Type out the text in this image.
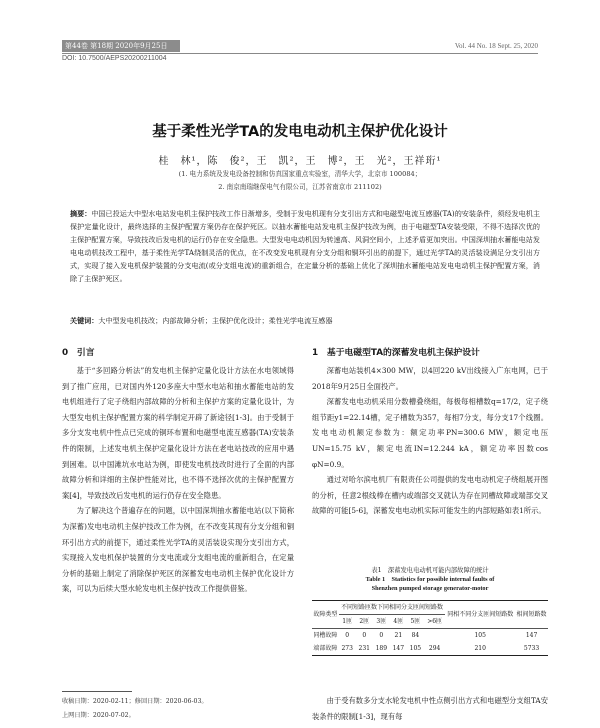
第44卷 第18期 2020年9月25日	Vol. 44 No. 18 Sept. 25, 2020
DOI: 10.7500/AEPS20200211004
基于柔性光学TA的发电电动机主保护优化设计
桂　林¹，陈　俊²，王　凯²，王　博²，王　光²，王祥珩¹
(1. 电力系统及发电设备控制和仿真国家重点实验室，清华大学，北京市 100084；
2. 南京南瑞继保电气有限公司，江苏省南京市 211102)
摘要：中国已投运大中型水电站发电机主保护技改工作日渐增多，受制于发电机现有分支引出方式和电磁型电流互感器(TA)的安装条件，须经发电机主保护定量化设计，最终选择的主保护配置方案仍存在保护死区。以抽水蓄能电站发电机主保护技改为例，由于电磁型TA安装受限，不得不选择次优的主保护配置方案，导致技改后发电机的运行仍存在安全隐患。大型发电电动机因为转速高、风洞空间小，上述矛盾更加突出。中国深圳抽水蓄能电站发电电动机技改工程中，基于柔性光学TA绕制灵活的优点，在不改变发电机现有分支分组和铜环引出的前提下，通过光学TA的灵活装设满足分支引出方式，实现了接入发电机保护装置的分支电流(或分支组电流)的重新组合，在定量分析的基础上优化了深圳抽水蓄能电站发电电动机主保护配置方案，消除了主保护死区。
关键词：大中型发电机技改；内部故障分析；主保护优化设计；柔性光学电流互感器
0　引言

基于“多回路分析法”的发电机主保护定量化设计方法在水电领域得到了推广应用，已对国内外120多座大中型水电站和抽水蓄能电站的发电机组进行了定子绕组内部故障的分析和主保护方案的定量化设计，为大型发电机主保护配置方案的科学制定开辟了新途径[1-3]。由于受制于多分支发电机中性点已完成的铜环布置和电磁型电流互感器(TA)安装条件的限制，上述发电机主保护定量化设计方法在老电站技改的应用中遇到困难。以中国滩坑水电站为例，即使发电机技改时进行了全面的内部故障分析和详细的主保护性能对比，也不得不选择次优的主保护配置方案[4]，导致技改后发电机的运行仍存在安全隐患。

为了解决这个普遍存在的问题，以中国深圳抽水蓄能电站(以下简称为深蓄)发电电动机主保护技改工作为例，在不改变其现有分支分组和铜环引出方式的前提下，通过柔性光学TA的灵活装设实现分支引出方式，实现接入发电机保护装置的分支电流或分支组电流的重新组合，在定量分析的基础上制定了消除保护死区的深蓄发电电动机主保护优化设计方案，可以为后续大型水轮发电机主保护技改工作提供借鉴。

1　基于电磁型TA的深蓄发电机主保护设计

深蓄电站装机4×300 MW，以4回220 kV出线接入广东电网，已于2018年9月25日全面投产。

深蓄发电电动机采用分数槽叠绕组，每极每相槽数q=17/2，定子绕组节距y1=22.14槽，定子槽数为357，每相7分支，每分支17个线圈。发电电动机额定参数为：额定功率PN=300.6 MW，额定电压UN=15.75 kV，额定电流IN=12.244 kA，额定功率因数cos φN=0.9。

通过对哈尔滨电机厂有限责任公司提供的发电电动机定子绕组展开图的分析，任意2根线棒在槽内或端部交叉就认为存在同槽故障或端部交叉故障的可能[5-6]，深蓄发电电动机实际可能发生的内部短路如表1所示。

表1　深蓄发电电动机可能内部故障的统计
Table 1　Statistics for possible internal faults of
Shenzhen pumped storage generator-motor
故障类型	不同短路匝数下同相同分支匝间短路数						同相不同分支匝间短路数	相间短路数
	1匝	2匝	3匝	4匝	5匝	>6匝		
同槽故障	0	0	0	21	84		105	147
端部故障	273	231	189	147	105	294	210	5733

由于受有数多分支水轮发电机中性点侧引出方式和电磁型分支组TA安装条件的限制[1-3]，现有每

收稿日期：2020-02-11；修回日期：2020-06-03。
上网日期：2020-07-02。
